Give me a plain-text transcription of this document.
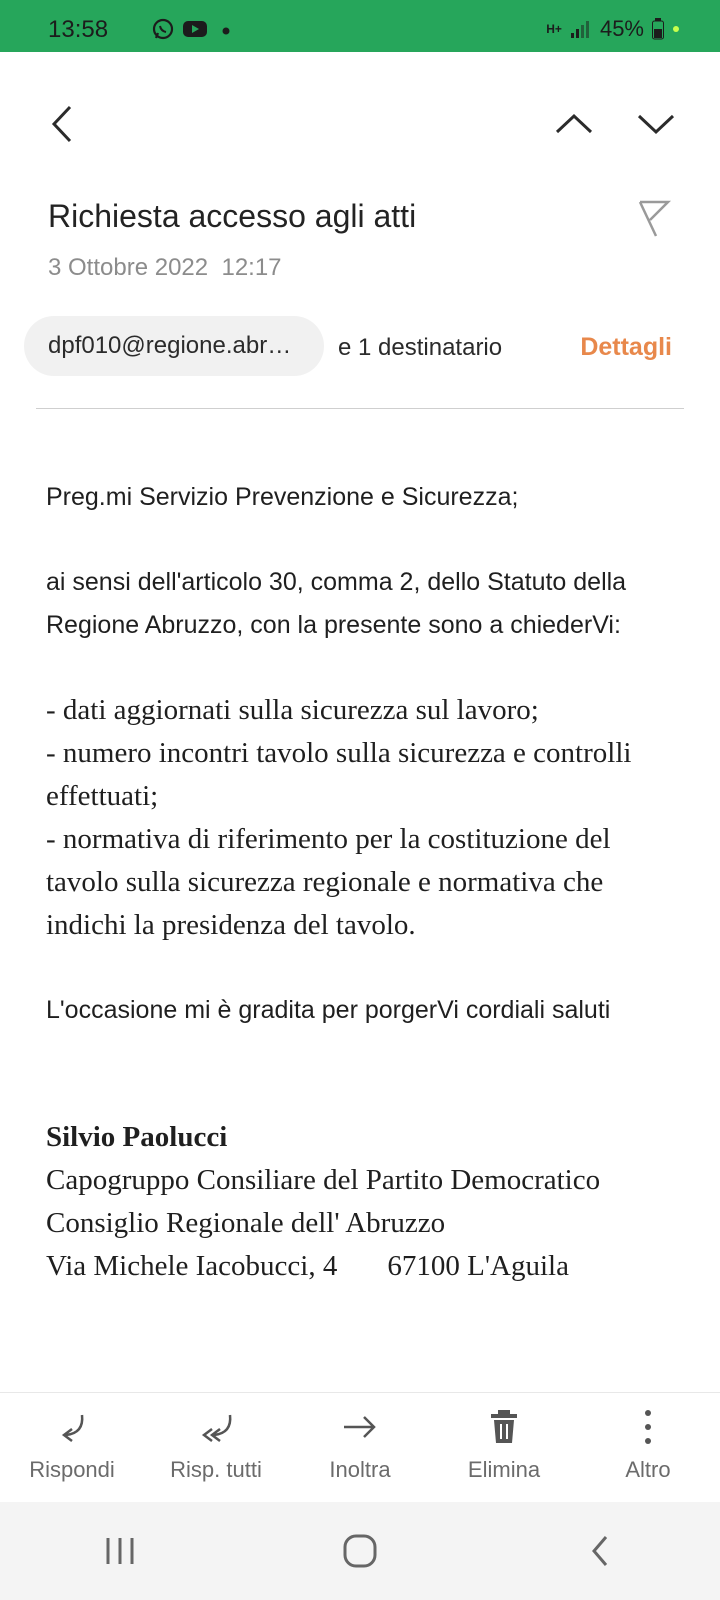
13:58	H+ 45%
Richiesta accesso agli atti
3 Ottobre 2022 12:17
dpf010@regione.abr…	e 1 destinatario	Dettagli

Preg.mi Servizio Prevenzione e Sicurezza;

ai sensi dell'articolo 30, comma 2, dello Statuto della Regione Abruzzo, con la presente sono a chiederVi:

- dati aggiornati sulla sicurezza sul lavoro;

- numero incontri tavolo sulla sicurezza e controlli effettuati;

- normativa di riferimento per la costituzione del tavolo sulla sicurezza regionale e normativa che indichi la presidenza del tavolo.

L'occasione mi è gradita per porgerVi cordiali saluti

Silvio Paolucci

Capogruppo Consiliare del Partito Democratico

Consiglio Regionale dell' Abruzzo

Via Michele Iacobucci, 4 67100 L'Aguila

Rispondi	Risp. tutti	Inoltra	Elimina	Altro
